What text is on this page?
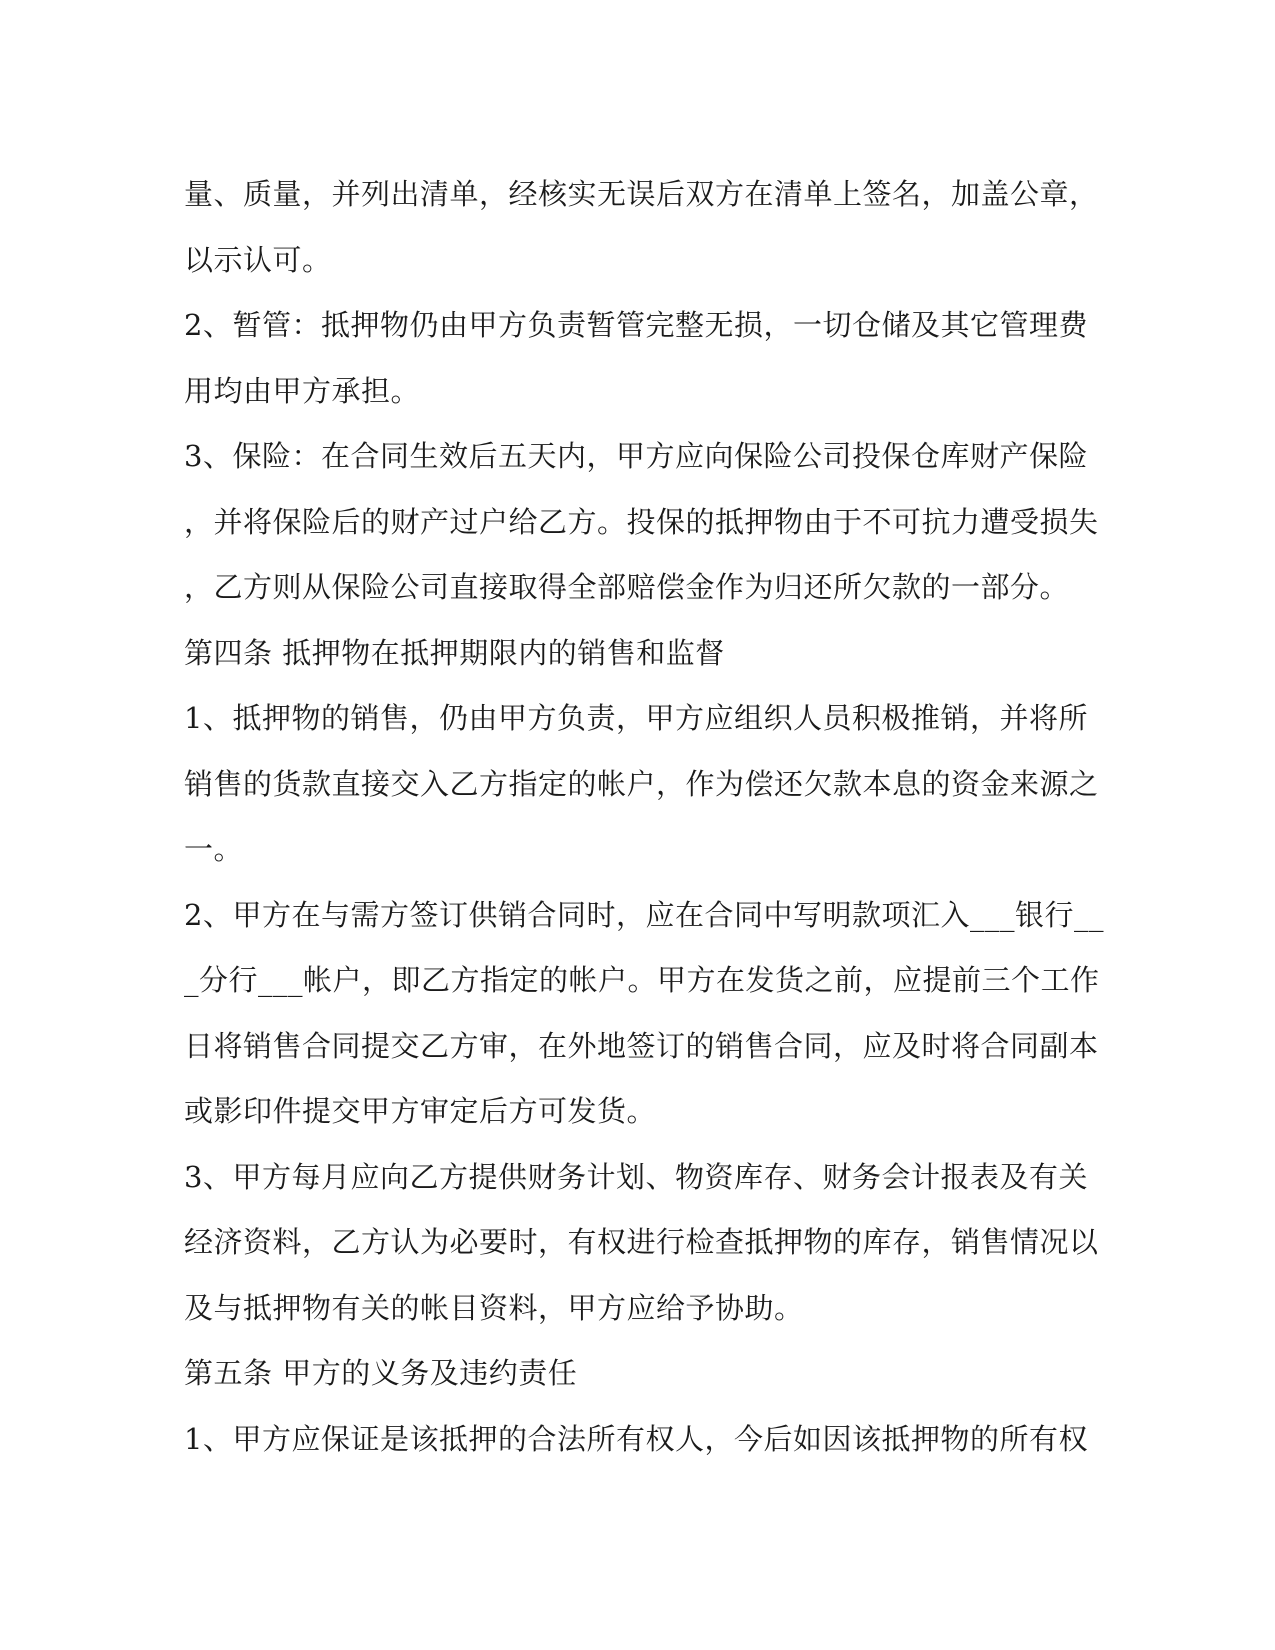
量、质量，并列出清单，经核实无误后双方在清单上签名，加盖公章，

以示认可。

2、暂管：抵押物仍由甲方负责暂管完整无损，一切仓储及其它管理费

用均由甲方承担。

3、保险：在合同生效后五天内，甲方应向保险公司投保仓库财产保险

，并将保险后的财产过户给乙方。投保的抵押物由于不可抗力遭受损失

，乙方则从保险公司直接取得全部赔偿金作为归还所欠款的一部分。

第四条 抵押物在抵押期限内的销售和监督

1、抵押物的销售，仍由甲方负责，甲方应组织人员积极推销，并将所

销售的货款直接交入乙方指定的帐户，作为偿还欠款本息的资金来源之

一。

2、甲方在与需方签订供销合同时，应在合同中写明款项汇入___银行__

_分行___帐户，即乙方指定的帐户。甲方在发货之前，应提前三个工作

日将销售合同提交乙方审，在外地签订的销售合同，应及时将合同副本

或影印件提交甲方审定后方可发货。

3、甲方每月应向乙方提供财务计划、物资库存、财务会计报表及有关

经济资料，乙方认为必要时，有权进行检查抵押物的库存，销售情况以

及与抵押物有关的帐目资料，甲方应给予协助。

第五条 甲方的义务及违约责任

1、甲方应保证是该抵押的合法所有权人，今后如因该抵押物的所有权
